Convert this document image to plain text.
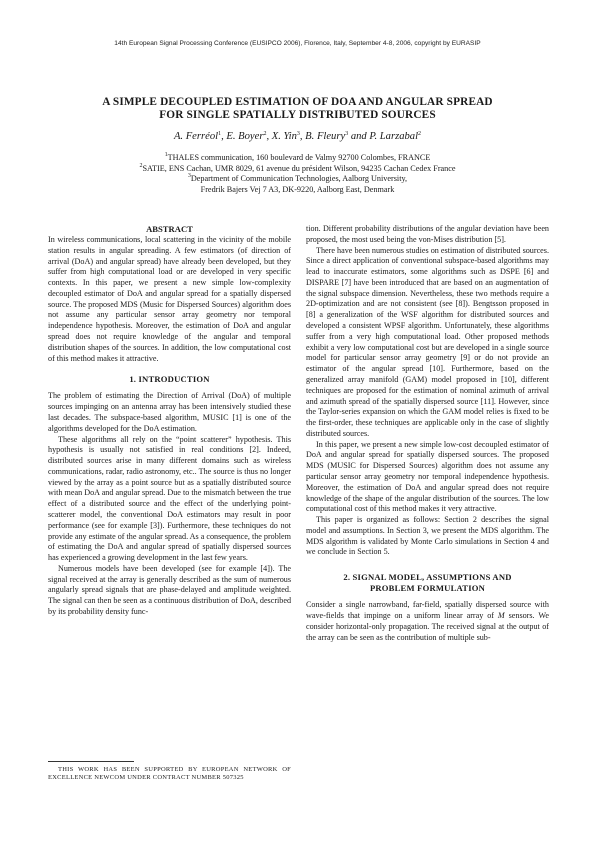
14th European Signal Processing Conference (EUSIPCO 2006), Florence, Italy, September 4-8, 2006, copyright by EURASIP
A SIMPLE DECOUPLED ESTIMATION OF DOA AND ANGULAR SPREAD
FOR SINGLE SPATIALLY DISTRIBUTED SOURCES
A. Ferréol$^1$, E. Boyer$^2$, X. Yin$^3$, B. Fleury$^3$ and P. Larzabal$^2$
$^1$THALES communication, 160 boulevard de Valmy 92700 Colombes, FRANCE
$^2$SATIE, ENS Cachan, UMR 8029, 61 avenue du président Wilson, 94235 Cachan Cedex France
$^3$Department of Communication Technologies, Aalborg University,
Fredrik Bajers Vej 7 A3, DK-9220, Aalborg East, Denmark

ABSTRACT

In wireless communications, local scattering in the vicinity of the mobile station results in angular spreading. A few estimators (of direction of arrival (DoA) and angular spread) have already been developed, but they suffer from high computational load or are developed in very specific contexts. In this paper, we present a new simple low-complexity decoupled estimator of DoA and angular spread for a spatially dispersed source. The proposed MDS (Music for Dispersed Sources) algorithm does not assume any particular sensor array geometry nor temporal independence hypothesis. Moreover, the estimation of DoA and angular spread does not require knowledge of the angular and temporal distribution shapes of the sources. In addition, the low computational cost of this method makes it attractive.

1. INTRODUCTION

The problem of estimating the Direction of Arrival (DoA) of multiple sources impinging on an antenna array has been intensively studied these last decades. The subspace-based algorithm, MUSIC [1] is one of the algorithms developed for the DoA estimation.

These algorithms all rely on the “point scatterer” hypothesis. This hypothesis is usually not satisfied in real conditions [2]. Indeed, distributed sources arise in many different domains such as wireless communications, radar, radio astronomy, etc.. The source is thus no longer viewed by the array as a point source but as a spatially distributed source with mean DoA and angular spread. Due to the mismatch between the true effect of a distributed source and the effect of the underlying point-scatterer model, the conventional DoA estimators may result in poor performance (see for example [3]). Furthermore, these techniques do not provide any estimate of the angular spread. As a consequence, the problem of estimating the DoA and angular spread of spatially dispersed sources has experienced a growing development in the last few years.

Numerous models have been developed (see for example [4]). The signal received at the array is generally described as the sum of numerous angularly spread signals that are phase-delayed and amplitude weighted. The signal can then be seen as a continuous distribution of DoA, described by its probability density func-

THIS WORK HAS BEEN SUPPORTED BY EUROPEAN NETWORK OF EXCELLENCE NEWCOM UNDER CONTRACT NUMBER 507325

tion. Different probability distributions of the angular deviation have been proposed, the most used being the von-Mises distribution [5].

There have been numerous studies on estimation of distributed sources. Since a direct application of conventional subspace-based algorithms may lead to inaccurate estimators, some algorithms such as DSPE [6] and DISPARE [7] have been introduced that are based on an augmentation of the signal subspace dimension. Nevertheless, these two methods require a 2D-optimization and are not consistent (see [8]). Bengtsson proposed in [8] a generalization of the WSF algorithm for distributed sources and developed a consistent WPSF algorithm. Unfortunately, these algorithms suffer from a very high computational load. Other proposed methods exhibit a very low computational cost but are developed in a single source model for particular sensor array geometry [9] or do not provide an estimator of the angular spread [10]. Furthermore, based on the generalized array manifold (GAM) model proposed in [10], different techniques are proposed for the estimation of nominal azimuth of arrival and azimuth spread of the spatially dispersed source [11]. However, since the Taylor-series expansion on which the GAM model relies is fixed to be the first-order, these techniques are applicable only in the case of slightly distributed sources.

In this paper, we present a new simple low-cost decoupled estimator of DoA and angular spread for spatially dispersed sources. The proposed MDS (MUSIC for Dispersed Sources) algorithm does not assume any particular sensor array geometry nor temporal independence hypothesis. Moreover, the estimation of DoA and angular spread does not require knowledge of the shape of the angular distribution of the sources. The low computational cost of this method makes it very attractive.

This paper is organized as follows: Section 2 describes the signal model and assumptions. In Section 3, we present the MDS algorithm. The MDS algorithm is validated by Monte Carlo simulations in Section 4 and we conclude in Section 5.

2. SIGNAL MODEL, ASSUMPTIONS AND
PROBLEM FORMULATION

Consider a single narrowband, far-field, spatially dispersed source with wave-fields that impinge on a uniform linear array of M sensors. We consider horizontal-only propagation. The received signal at the output of the array can be seen as the contribution of multiple sub-
